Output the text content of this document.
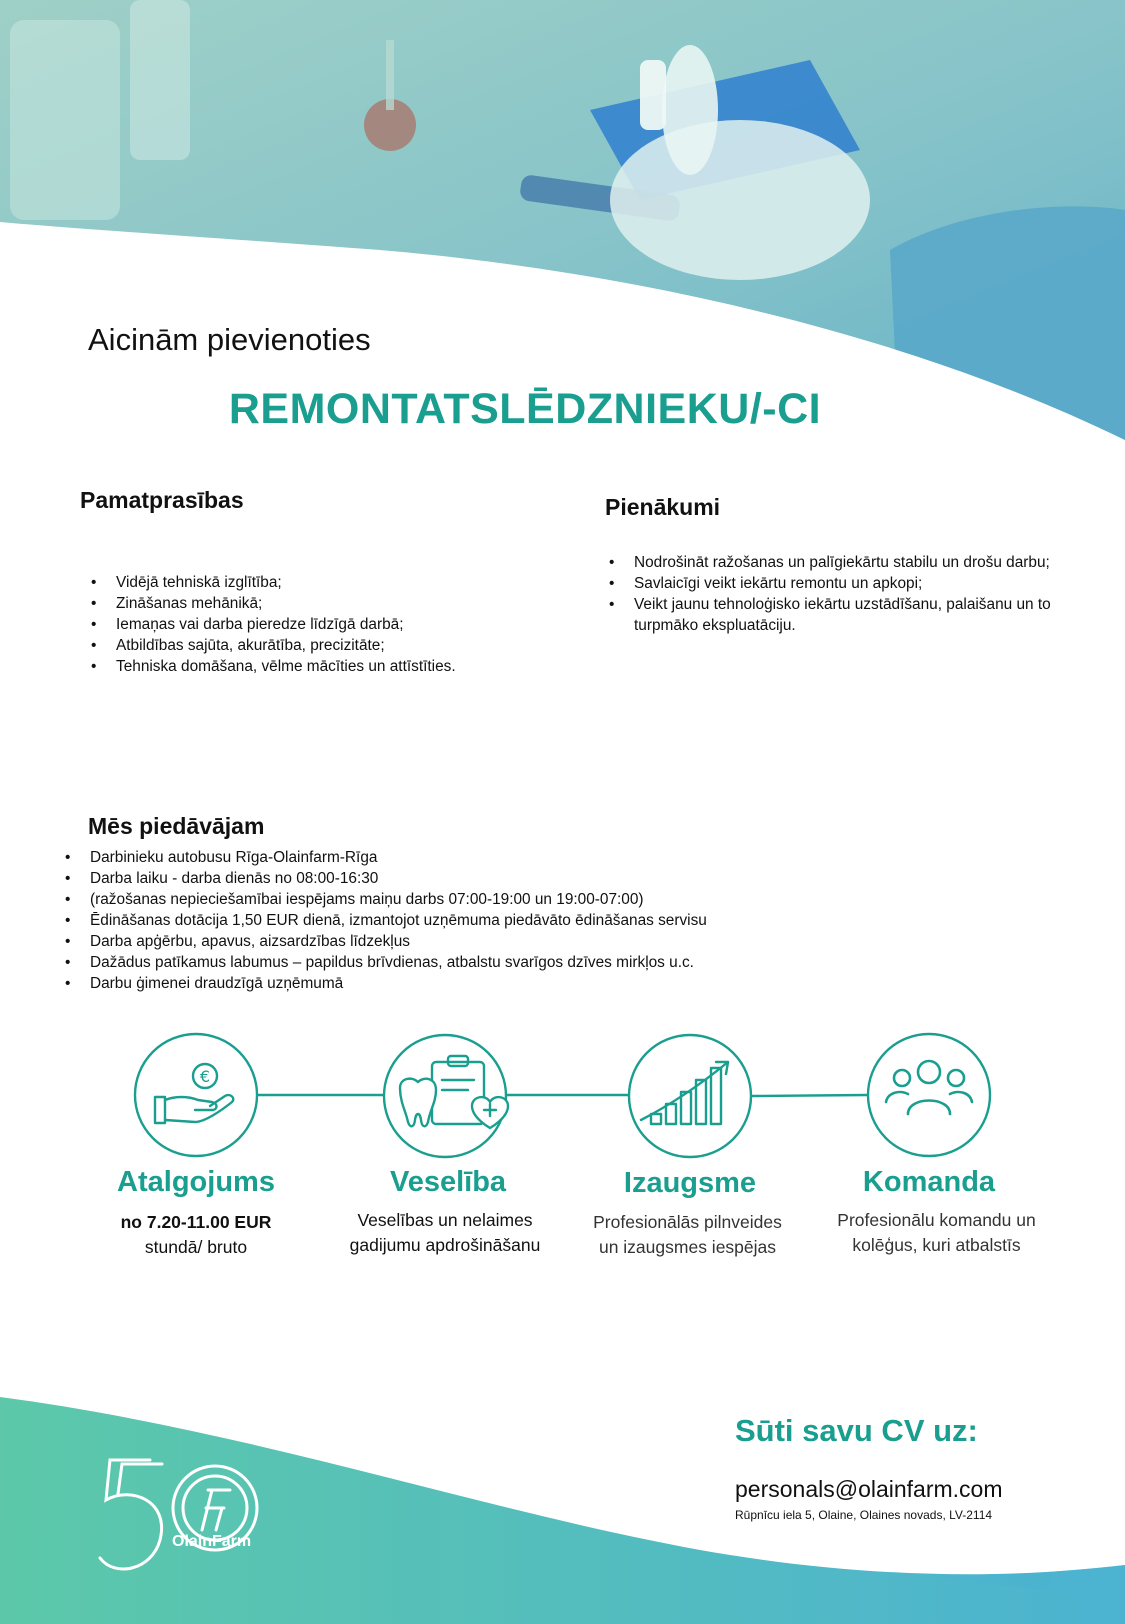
Aicinām pievienoties
REMONTATSLĒDZNIEKU/-CI
Pamatprasības
• Vidējā tehniskā izglītība;
• Zināšanas mehānikā;
• Iemaņas vai darba pieredze līdzīgā darbā;
• Atbildības sajūta, akurātība, precizitāte;
• Tehniska domāšana, vēlme mācīties un attīstīties.
Pienākumi
• Nodrošināt ražošanas un palīgiekārtu stabilu un drošu darbu;
• Savlaicīgi veikt iekārtu remontu un apkopi;
• Veikt jaunu tehnoloģisko iekārtu uzstādīšanu, palaišanu un to turpmāko ekspluatāciju.
Mēs piedāvājam
• Darbinieku autobusu Rīga-Olainfarm-Rīga
• Darba laiku - darba dienās no 08:00-16:30
• (ražošanas nepieciešamībai iespējams maiņu darbs 07:00-19:00 un 19:00-07:00)
• Ēdināšanas dotācija 1,50 EUR dienā, izmantojot uzņēmuma piedāvāto ēdināšanas servisu
• Darba apģērbu, apavus, aizsardzības līdzekļus
• Dažādus patīkamus labumus – papildus brīvdienas, atbalstu svarīgos dzīves mirkļos u.c.
• Darbu ģimenei draudzīgā uzņēmumā
€
Atalgojums
no 7.20-11.00 EUR
stundā/ bruto
Veselība
Veselības un nelaimes
gadijumu apdrošināšanu
Izaugsme
Profesionālās pilnveides
un izaugsmes iespējas
Komanda
Profesionālu komandu un
kolēģus, kuri atbalstīs
OlainFarm
Sūti savu CV uz:
personals@olainfarm.com
Rūpnīcu iela 5, Olaine, Olaines novads, LV-2114
